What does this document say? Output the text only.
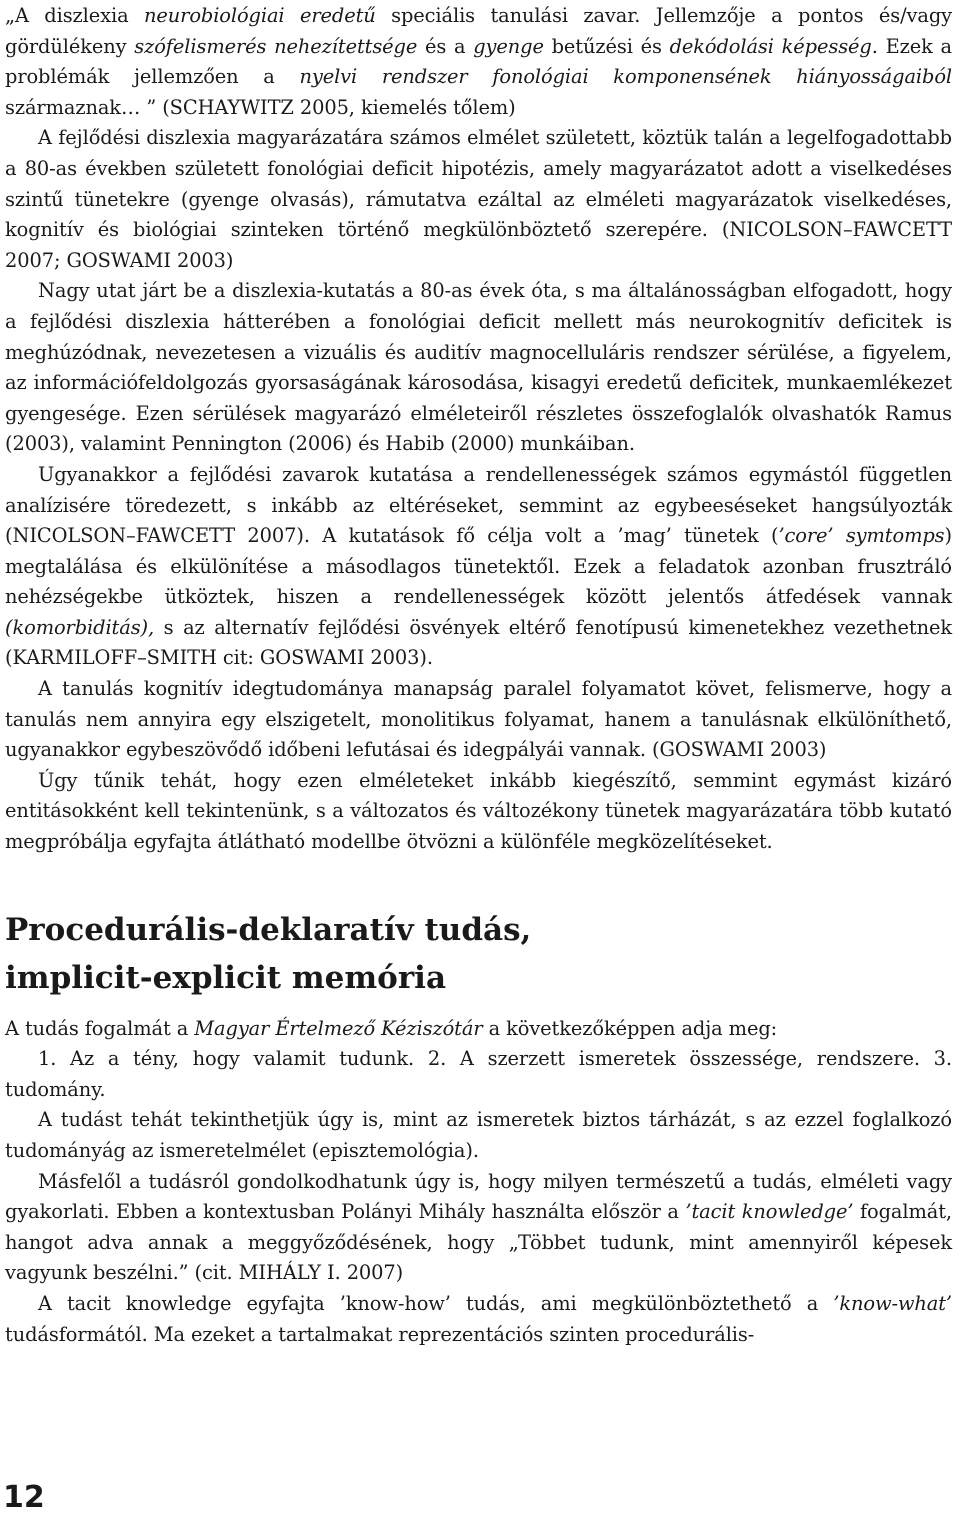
„A diszlexia neurobiológiai eredetű speciális tanulási zavar. Jellemzője a pontos és/vagy gördülékeny szófelismerés nehezítettsége és a gyenge betűzési és dekódolási képesség. Ezek a problémák jellemzően a nyelvi rendszer fonológiai komponensének hiányosságaiból származnak… ” (SCHAYWITZ 2005, kiemelés tőlem)

A fejlődési diszlexia magyarázatára számos elmélet született, köztük talán a legelfogadottabb a 80-as években született fonológiai deficit hipotézis, amely magyarázatot adott a viselkedéses szintű tünetekre (gyenge olvasás), rámutatva ezáltal az elméleti magyarázatok viselkedéses, kognitív és biológiai szinteken történő megkülönböztető szerepére. (NICOLSON–FAWCETT 2007; GOSWAMI 2003)

Nagy utat járt be a diszlexia-kutatás a 80-as évek óta, s ma általánosságban elfogadott, hogy a fejlődési diszlexia hátterében a fonológiai deficit mellett más neurokognitív deficitek is meghúzódnak, nevezetesen a vizuális és auditív magnocelluláris rendszer sérülése, a figyelem, az információfeldolgozás gyorsaságának károsodása, kisagyi eredetű deficitek, munkaemlékezet gyengesége. Ezen sérülések magyarázó elméleteiről részletes összefoglalók olvashatók Ramus (2003), valamint Pennington (2006) és Habib (2000) munkáiban.

Ugyanakkor a fejlődési zavarok kutatása a rendellenességek számos egymástól független analízisére töredezett, s inkább az eltéréseket, semmint az egybeeséseket hangsúlyozták (NICOLSON–FAWCETT 2007). A kutatások fő célja volt a ’mag’ tünetek (’core’ symtomps) megtalálása és elkülönítése a másodlagos tünetektől. Ezek a feladatok azonban frusztráló nehézségekbe ütköztek, hiszen a rendellenességek között jelentős átfedések vannak (komorbiditás), s az alternatív fejlődési ösvények eltérő fenotípusú kimenetekhez vezethetnek (KARMILOFF–SMITH cit: GOSWAMI 2003).

A tanulás kognitív idegtudománya manapság paralel folyamatot követ, felismerve, hogy a tanulás nem annyira egy elszigetelt, monolitikus folyamat, hanem a tanulásnak elkülöníthető, ugyanakkor egybeszövődő időbeni lefutásai és idegpályái vannak. (GOSWAMI 2003)

Úgy tűnik tehát, hogy ezen elméleteket inkább kiegészítő, semmint egymást kizáró entitásokként kell tekintenünk, s a változatos és változékony tünetek magyarázatára több kutató megpróbálja egyfajta átlátható modellbe ötvözni a különféle megközelítéseket.

Procedurális-deklaratív tudás,
implicit-explicit memória

A tudás fogalmát a Magyar Értelmező Kéziszótár a következőképpen adja meg:

1. Az a tény, hogy valamit tudunk. 2. A szerzett ismeretek összessége, rendszere. 3. tudomány.

A tudást tehát tekinthetjük úgy is, mint az ismeretek biztos tárházát, s az ezzel foglalkozó tudományág az ismeretelmélet (episztemológia).

Másfelől a tudásról gondolkodhatunk úgy is, hogy milyen természetű a tudás, elméleti vagy gyakorlati. Ebben a kontextusban Polányi Mihály használta először a ’tacit knowledge’ fogalmát, hangot adva annak a meggyőződésének, hogy „Többet tudunk, mint amennyiről képesek vagyunk beszélni.” (cit. MIHÁLY I. 2007)

A tacit knowledge egyfajta ’know-how’ tudás, ami megkülönböztethető a ’know-what’ tudásformától. Ma ezeket a tartalmakat reprezentációs szinten procedurális-

12
